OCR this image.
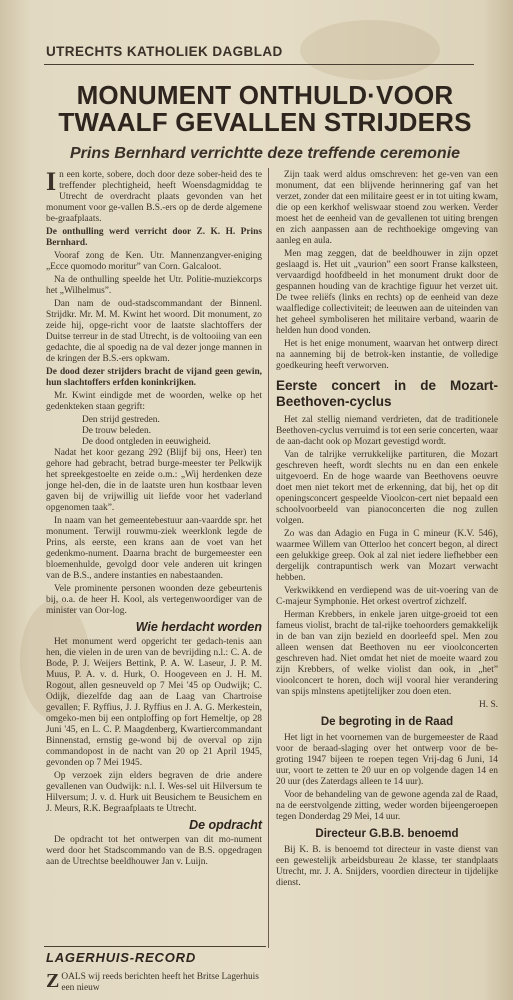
UTRECHTS KATHOLIEK DAGBLAD
MONUMENT ONTHULD·VOOR TWAALF GEVALLEN STRIJDERS
Prins Bernhard verrichtte deze treffende ceremonie

In een korte, sobere, doch door deze sober-heid des te treffender plechtigheid, heeft Woensdagmiddag te Utrecht de overdracht plaats gevonden van het monument voor ge-vallen B.S.-ers op de derde algemene be-graafplaats.

De onthulling werd verricht door Z. K. H. Prins Bernhard.

Vooraf zong de Ken. Utr. Mannenzangver-eniging „Ecce quomodo moritur” van Corn. Galcaloot.

Na de onthulling speelde het Utr. Politie-muziekcorps het „Wilhelmus”.

Dan nam de oud-stadscommandant der Binnenl. Strijdkr. Mr. M. M. Kwint het woord. Dit monument, zo zeide hij, opge-richt voor de laatste slachtoffers der Duitse terreur in de stad Utrecht, is de voltooiing van een gedachte, die al spoedig na de val dezer jonge mannen in de kringen der B.S.-ers opkwam.

De dood dezer strijders bracht de vijand geen gewin, hun slachtoffers erfden koninkrijken.

Mr. Kwint eindigde met de woorden, welke op het gedenkteken staan gegrift:

Den strijd gestreden.

De trouw beleden.

De dood ontgleden in eeuwigheid.

Nadat het koor gezang 292 (Blijf bij ons, Heer) ten gehore had gebracht, betrad burge-meester ter Pelkwijk het spreekgestoelte en zeide o.m.: „Wij herdenken deze jonge hel-den, die in de laatste uren hun kostbaar leven gaven bij de vrijwillig uit liefde voor het vaderland opgenomen taak”.

In naam van het gemeentebestuur aan-vaardde spr. het monument. Terwijl rouwmu-ziek weerklonk legde de Prins, als eerste, een krans aan de voet van het gedenkmo-nument. Daarna bracht de burgemeester een bloemenhulde, gevolgd door vele anderen uit kringen van de B.S., andere instanties en nabestaanden.

Vele prominente personen woonden deze gebeurtenis bij, o.a. de heer H. Kool, als vertegenwoordiger van de minister van Oor-log.

Wie herdacht worden

Het monument werd opgericht ter gedach-tenis aan hen, die vielen in de uren van de bevrijding n.l.: C. A. de Bode, P. J. Weijers Bettink, P. A. W. Laseur, J. P. M. Muus, P. A. v. d. Hurk, O. Hoogeveen en J. H. M. Rogout, allen gesneuveld op 7 Mei '45 op Oudwijk; C. Odijk, diezelfde dag aan de Laag van Chartroise gevallen; F. Ryffius, J. J. Ryffius en J. A. G. Merkestein, omgeko-men bij een ontploffing op fort Hemeltje, op 28 Juni '45, en L. C. P. Maagdenberg, Kwartiercommandant Binnenstad, ernstig ge-wond bij de overval op zijn commandopost in de nacht van 20 op 21 April 1945, gevonden op 7 Mei 1945.

Op verzoek zijn elders begraven de drie andere gevallenen van Oudwijk: n.l. I. Wes-sel uit Hilversum te Hilversum; J. v. d. Hurk uit Beusichem te Beusichem en J. Meurs, R.K. Begraafplaats te Utrecht.

De opdracht

De opdracht tot het ontwerpen van dit mo-nument werd door het Stadscommando van de B.S. opgedragen aan de Utrechtse beeldhouwer Jan v. Luijn.

Zijn taak werd aldus omschreven: het ge-ven van een monument, dat een blijvende herinnering gaf van het verzet, zonder dat een militaire geest er in tot uiting kwam, die op een kerkhof weliswaar stoend zou werken. Verder moest het de eenheid van de gevallenen tot uiting brengen en zich aanpassen aan de rechthoekige omgeving van aanleg en aula.

Men mag zeggen, dat de beeldhouwer in zijn opzet geslaagd is. Het uit „vaurion” een soort Franse kalksteen, vervaardigd hoofdbeeld in het monument drukt door de gespannen houding van de krachtige figuur het verzet uit. De twee reliëfs (links en rechts) op de eenheid van deze waalfledige collectiviteit; de leeuwen aan de uiteinden van het geheel symboliseren het militaire verband, waarin de helden hun dood vonden.

Het is het enige monument, waarvan het ontwerp direct na aanneming bij de betrok-ken instantie, de volledige goedkeuring heeft verworven.

Eerste concert in de Mozart-Beethoven-cyclus

Het zal stellig niemand verdrieten, dat de traditionele Beethoven-cyclus verruimd is tot een serie concerten, waar de aan-dacht ook op Mozart gevestigd wordt.

Van de talrijke verrukkelijke partituren, die Mozart geschreven heeft, wordt slechts nu en dan een enkele uitgevoerd. En de hoge waarde van Beethovens oeuvre doet men niet tekort met de erkenning, dat bij, het op dit openingsconcert gespeelde Vioolcon-cert niet bepaald een schoolvoorbeeld van pianoconcerten die nog zullen volgen.

Zo was dan Adagio en Fuga in C mineur (K.V. 546), waarmee Willem van Otterloo het concert begon, al direct een gelukkige greep. Ook al zal niet iedere liefhebber een dergelijk contrapuntisch werk van Mozart verwacht hebben.

Verkwikkend en verdiepend was de uit-voering van de C-majeur Symphonie. Het orkest overtrof zichzelf.

Herman Krebbers, in enkele jaren uitge-groeid tot een fameus violist, bracht de tal-rijke toehoorders gemakkelijk in de ban van zijn bezield en doorleefd spel. Men zou alleen wensen dat Beethoven nu eer vioolconcerten geschreven had. Niet omdat het niet de moeite waard zou zijn Krebbers, of welke violist dan ook, in „het” vioolconcert te horen, doch wijl vooral hier verandering van spijs mlnstens apetijtelijker zou doen eten.

H. S.

De begroting in de Raad

Het ligt in het voornemen van de burgemeester de Raad voor de beraad-slaging over het ontwerp voor de be-groting 1947 bijeen te roepen tegen Vrij-dag 6 Juni, 14 uur, voort te zetten te 20 uur en op volgende dagen 14 en 20 uur (des Zaterdags alleen te 14 uur).

Voor de behandeling van de gewone agenda zal de Raad, na de eerstvolgende zitting, weder worden bijeengeroepen tegen Donderdag 29 Mei, 14 uur.

Directeur G.B.B. benoemd

Bij K. B. is benoemd tot directeur in vaste dienst van een gewestelijk arbeidsbureau 2e klasse, ter standplaats Utrecht, mr. J. A. Snijders, voordien directeur in tijdelijke dienst.

LAGERHUIS-RECORD
ZOALS wij reeds berichten heeft het Britse Lagerhuis een nieuw
